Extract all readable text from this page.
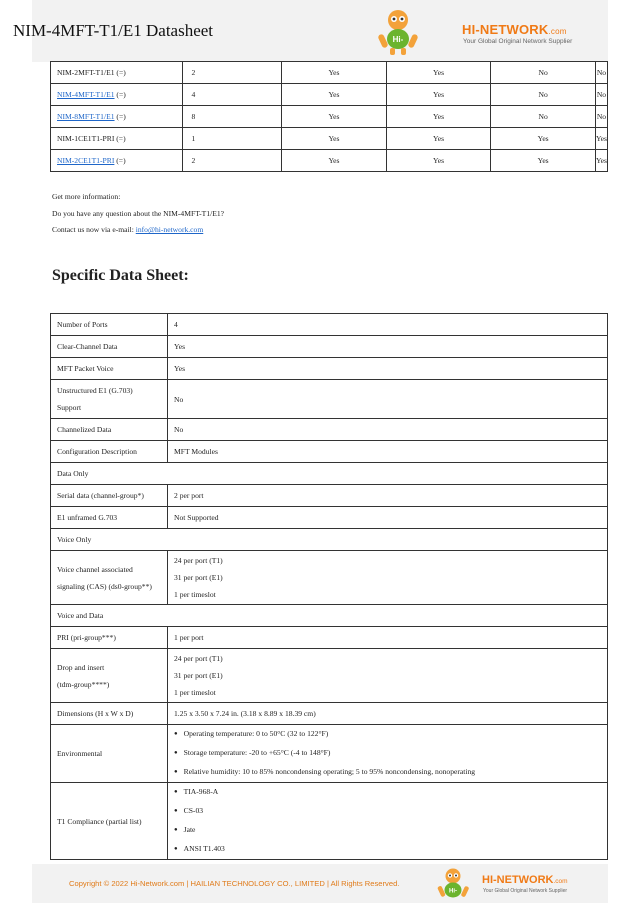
NIM-4MFT-T1/E1 Datasheet	Hi-
HI-NETWORK.com
Your Global Original Network Supplier
NIM-2MFT-T1/E1 (=)	2	Yes	Yes	No	No
NIM-4MFT-T1/E1 (=)	4	Yes	Yes	No	No
NIM-8MFT-T1/E1 (=)	8	Yes	Yes	No	No
NIM-1CE1T1-PRI (=)	1	Yes	Yes	Yes	Yes
NIM-2CE1T1-PRI (=)	2	Yes	Yes	Yes	Yes
Get more information:
Do you have any question about the NIM-4MFT-T1/E1?
Contact us now via e-mail: info@hi-network.com
Specific Data Sheet:
Number of Ports	4
Clear-Channel Data	Yes
MFT Packet Voice	Yes

Unstructured E1 (G.703)
Support	No
Channelized Data	No
Configuration Description	MFT Modules
Data Only	
Serial data (channel-group*)	2 per port
E1 unframed G.703	Not Supported
Voice Only	

Voice channel associated
signaling (CAS) (ds0-group**)	24 per port (T1)
31 per port (E1)
1 per timeslot

Voice and Data	
PRI (pri-group***)	1 per port

Drop and insert
(tdm-group****)	24 per port (T1)
31 per port (E1)
1 per timeslot

Dimensions (H x W x D)	1.25 x 3.50 x 7.24 in. (3.18 x 8.89 x 18.39 cm)
Environmental	● Operating temperature: 0 to 50°C (32 to 122°F)
● Storage temperature: -20 to +65°C (-4 to 148°F)
● Relative humidity: 10 to 85% noncondensing operating; 5 to 95% noncondensing, nonoperating

T1 Compliance (partial list)	● TIA-968-A
● CS-03
● Jate
● ANSI T1.403
Copyright © 2022 Hi-Network.com | HAILIAN TECHNOLOGY CO., LIMITED | All Rights Reserved.
Hi-
HI-NETWORK.com
Your Global Original Network Supplier
